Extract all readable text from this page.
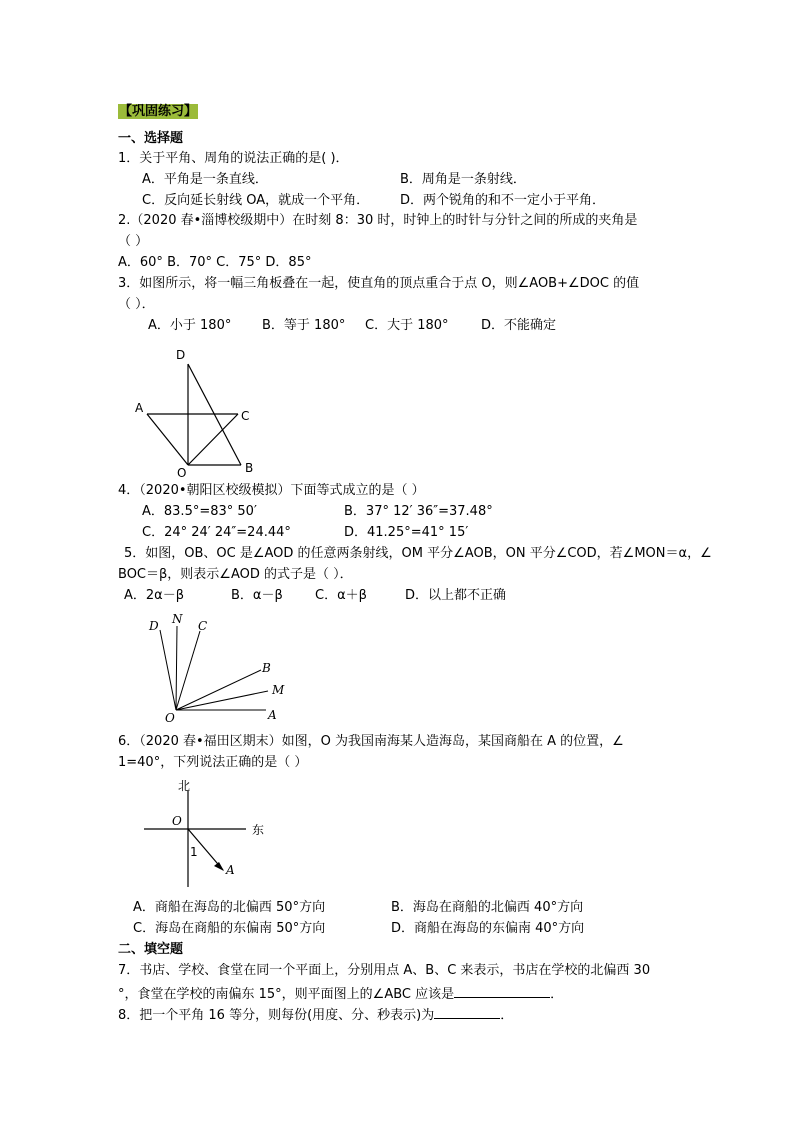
【巩固练习】
一、选择题
1．关于平角、周角的说法正确的是( )．
A．平角是一条直线．	B．周角是一条射线．
C．反向延长射线 OA，就成一个平角． D．两个锐角的和不一定小于平角．
2.（2020 春•淄博校级期中）在时刻 8：30 时，时钟上的时针与分针之间的所成的夹角是
（ ）
A．60° B．70° C．75° D．85°
3．如图所示，将一幅三角板叠在一起，使直角的顶点重合于点 O，则∠AOB+∠DOC 的值
（ ）．
A．小于 180° B．等于 180° C．大于 180° D．不能确定
D
A
C
O	B
4．（2020•朝阳区校级模拟）下面等式成立的是（ ）
A．83.5°=83° 50′	B．37° 12′ 36″=37.48°
C．24° 24′ 24″=24.44°	D．41.25°=41° 15′
5．如图，OB、OC 是∠AOD 的任意两条射线，OM 平分∠AOB，ON 平分∠COD，若∠MON＝α，∠
BOC＝β，则表示∠AOD 的式子是（ ）．
A．2α－β	B．α－β C．α＋β	D．以上都不正确
D N C
B
M
O	A
6．（2020 春•福田区期末）如图，O 为我国南海某人造海岛，某国商船在 A 的位置，∠
1=40°，下列说法正确的是（ ）
北
东
O
1
A
A．商船在海岛的北偏西 50°方向	B．海岛在商船的北偏西 40°方向
C．海岛在商船的东偏南 50°方向	D．商船在海岛的东偏南 40°方向
二、填空题
7．书店、学校、食堂在同一个平面上，分别用点 A、B、C 来表示，书店在学校的北偏西 30
°，食堂在学校的南偏东 15°，则平面图上的∠ABC 应该是	．
8．把一个平角 16 等分，则每份(用度、分、秒表示)为	．
